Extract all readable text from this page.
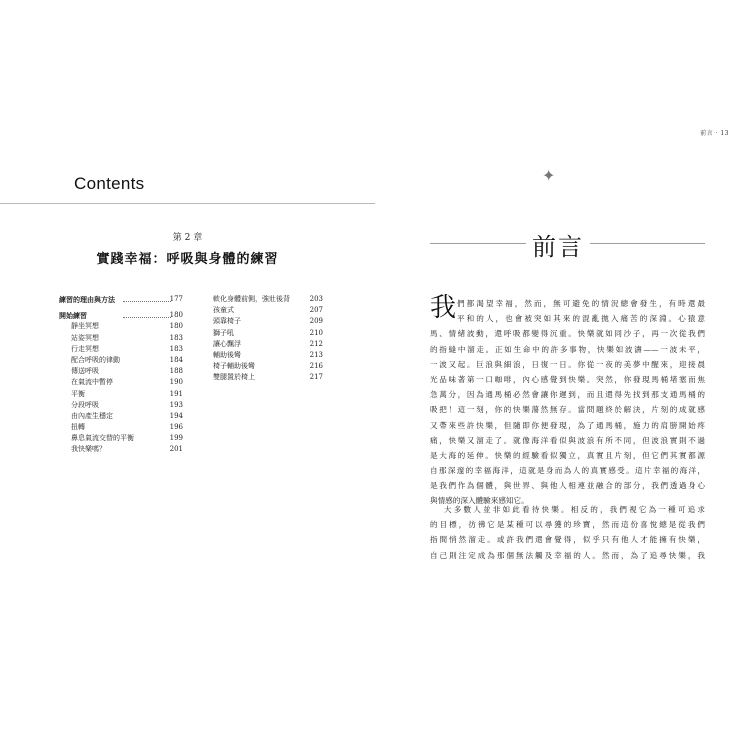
Contents
第 2 章
實踐幸福：呼吸與身體的練習
練習的理由與方法	177
開始練習	180
靜坐冥想	180
站姿冥想	183
行走冥想	183
配合呼吸的律動	184
傳送呼吸	188
在氣流中暫停	190
平衡	191
分段呼吸	193
由內產生穩定	194
扭轉	196
鼻息氣流交替的平衡	199
我快樂嗎？	201
軟化身體前側，強壯後背	203
孩童式	207
頭靠椅子	209
獅子吼	210
讓心飄浮	212
輔助後彎	213
椅子輔助後彎	216
雙腿置於椅上	217
前言 · 13
✦
前言
我 們都渴望幸福，然而，無可避免的情況總會發生，有時還最
平和的人，也會被突如其來的混亂拋入痛苦的深淵。心猿意
馬、情緒波動，還呼吸都變得沉重。快樂就如同沙子，再一次從我們
的指縫中溜走。正如生命中的許多事物，快樂如波濤——一波未平，
一波又起。巨浪與細浪，日復一日。你從一夜的美夢中醒來，迎接晨
光品味著第一口咖啡，內心感覺到快樂。突然，你發現馬桶堵塞而焦
急萬分，因為通馬桶必然會讓你遲到，而且還得先找到那支通馬桶的
吸把！這一刻，你的快樂蕩然無存。當問題終於解決，片刻的成就感
又帶來些許快樂，但隨即你便發現，為了通馬桶，施力的肩膀開始疼
痛，快樂又溜走了。就像海洋看似與波浪有所不同，但波浪實則不過
是大海的延伸。快樂的經驗看似獨立，真實且片刻，但它們其實都源
自那深邃的幸福海洋，這就是身而為人的真實感受。這片幸福的海洋，
是我們作為個體，與世界、與他人相連並融合的部分，我們透過身心
與情感的深入體驗來感知它。
大多數人並非如此看待快樂。相反的，我們視它為一種可追求
的目標，彷彿它是某種可以尋獲的珍寶，然而這份喜悅總是從我們
指間悄然溜走。或許我們還會覺得，似乎只有他人才能擁有快樂，
自己則注定成為那個無法觸及幸福的人。然而，為了追尋快樂，我
